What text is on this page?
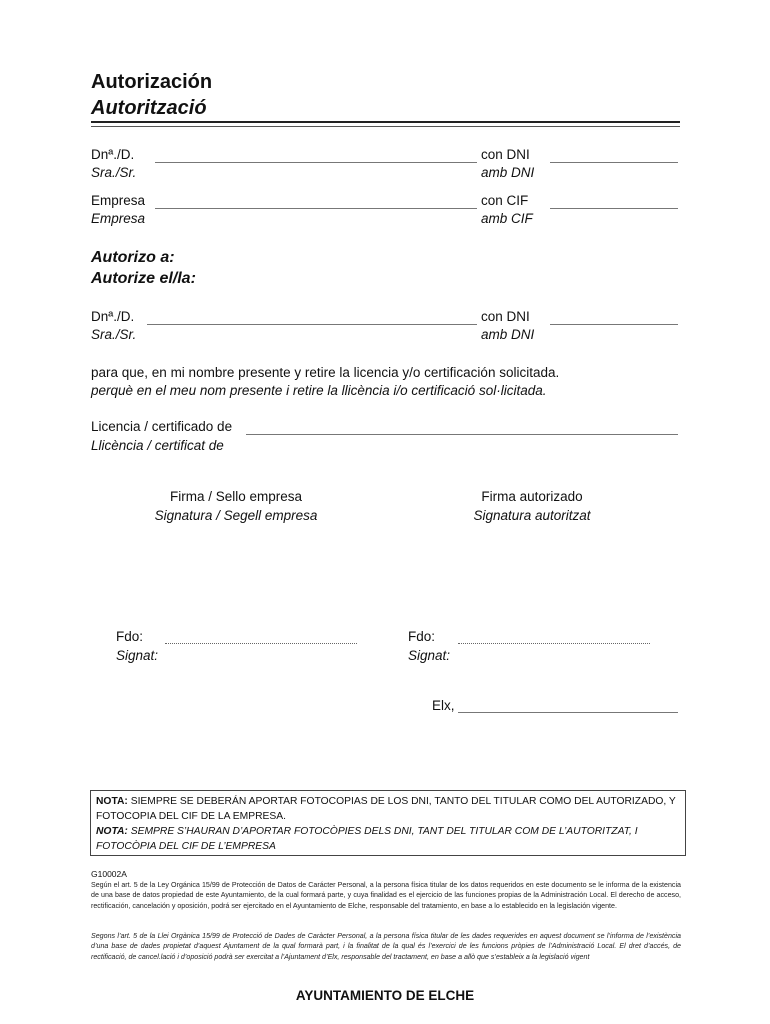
Autorización
Autorització
Dnª./D.
Sra./Sr.
con DNI
amb DNI
Empresa
Empresa
con CIF
amb CIF
Autorizo a:
Autorize el/la:
Dnª./D.
Sra./Sr.
con DNI
amb DNI
para que, en mi nombre presente y retire la licencia y/o certificación solicitada.
perquè en el meu nom presente i retire la llicència i/o certificació sol·licitada.
Licencia / certificado de
Llicència / certificat de
Firma / Sello empresa
Signatura / Segell empresa
Firma autorizado
Signatura autoritzat
Fdo:
Signat:
Fdo:
Signat:
Elx,
NOTA: SIEMPRE SE DEBERÁN APORTAR FOTOCOPIAS DE LOS DNI, TANTO DEL TITULAR COMO DEL AUTORIZADO, Y FOTOCOPIA DEL CIF DE LA EMPRESA.
NOTA: SEMPRE S’HAURAN D’APORTAR FOTOCÒPIES DELS DNI, TANT DEL TITULAR COM DE L’AUTORITZAT, I FOTOCÒPIA DEL CIF DE L’EMPRESA
G10002A
Según el art. 5 de la Ley Orgánica 15/99 de Protección de Datos de Carácter Personal, a la persona física titular de los datos requeridos en este documento se le informa de la existencia de una base de datos propiedad de este Ayuntamiento, de la cual formará parte, y cuya finalidad es el ejercicio de las funciones propias de la Administración Local. El derecho de acceso, rectificación, cancelación y oposición, podrá ser ejercitado en el Ayuntamiento de Elche, responsable del tratamiento, en base a lo establecido en la legislación vigente.
Segons l’art. 5 de la Llei Orgànica 15/99 de Protecció de Dades de Caràcter Personal, a la persona física titular de les dades requerides en aquest document se l’informa de l’existència d’una base de dades propietat d’aquest Ajuntament de la qual formarà part, i la finalitat de la qual és l’exercici de les funcions pròpies de l’Administració Local. El dret d’accés, de rectificació, de cancel.lació i d’oposició podrà ser exercitat a l’Ajuntament d’Elx, responsable del tractament, en base a allò que s’estableix a la legislació vigent
AYUNTAMIENTO DE ELCHE
